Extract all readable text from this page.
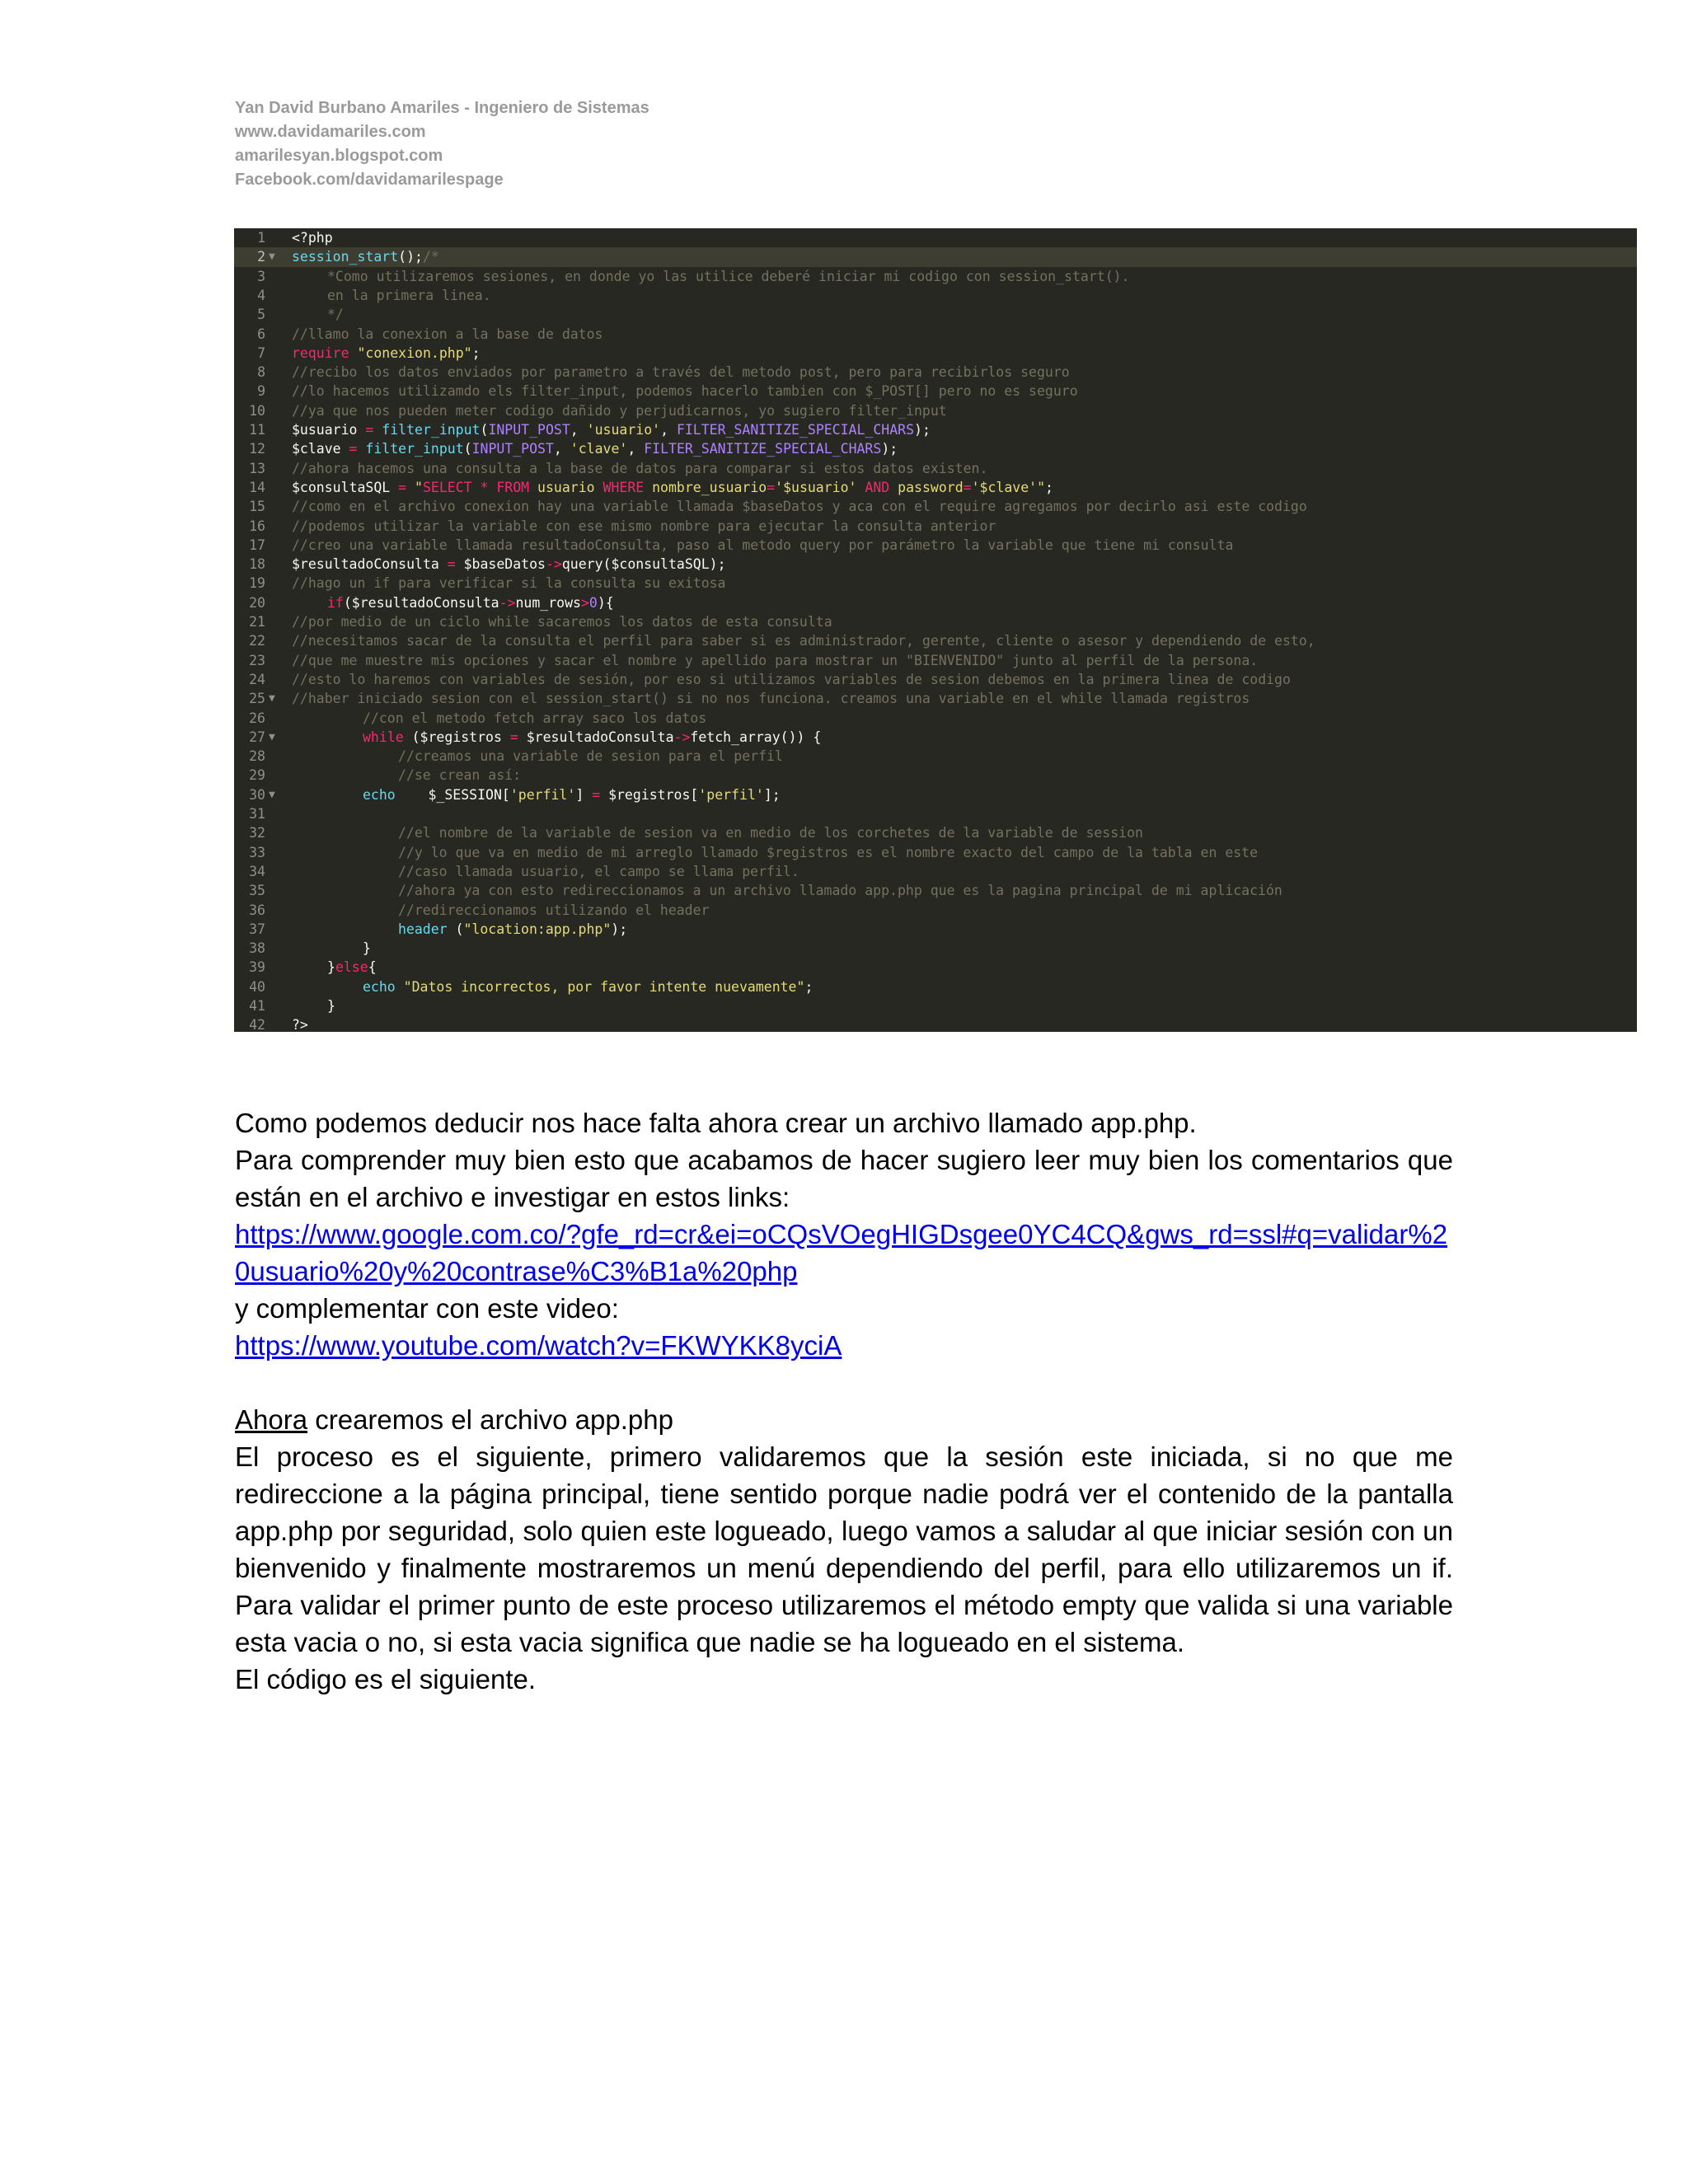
Yan David Burbano Amariles - Ingeniero de Sistemas
www.davidamariles.com
amarilesyan.blogspot.com
Facebook.com/davidamarilespage
1 <?php
2 ▼ session_start();/*
3	*Como utilizaremos sesiones, en donde yo las utilice deberé iniciar mi codigo con session_start().
4	en la primera linea.
5	*/
6 //llamo la conexion a la base de datos
7 require "conexion.php";
8 //recibo los datos enviados por parametro a través del metodo post, pero para recibirlos seguro
9 //lo hacemos utilizamdo els filter_input, podemos hacerlo tambien con $_POST[] pero no es seguro
10 //ya que nos pueden meter codigo dañido y perjudicarnos, yo sugiero filter_input
11 $usuario = filter_input(INPUT_POST, 'usuario', FILTER_SANITIZE_SPECIAL_CHARS);
12 $clave = filter_input(INPUT_POST, 'clave', FILTER_SANITIZE_SPECIAL_CHARS);
13 //ahora hacemos una consulta a la base de datos para comparar si estos datos existen.
14 $consultaSQL = "SELECT * FROM usuario WHERE nombre_usuario='$usuario' AND password='$clave'";
15 //como en el archivo conexion hay una variable llamada $baseDatos y aca con el require agregamos por decirlo asi este codigo
16 //podemos utilizar la variable con ese mismo nombre para ejecutar la consulta anterior
17 //creo una variable llamada resultadoConsulta, paso al metodo query por parámetro la variable que tiene mi consulta
18 $resultadoConsulta = $baseDatos->query($consultaSQL);
19 //hago un if para verificar si la consulta su exitosa
20	if($resultadoConsulta->num_rows>0){
21 //por medio de un ciclo while sacaremos los datos de esta consulta
22 //necesitamos sacar de la consulta el perfil para saber si es administrador, gerente, cliente o asesor y dependiendo de esto,
23 //que me muestre mis opciones y sacar el nombre y apellido para mostrar un "BIENVENIDO" junto al perfil de la persona.
24 //esto lo haremos con variables de sesión, por eso si utilizamos variables de sesion debemos en la primera linea de codigo
25 ▼ //haber iniciado sesion con el session_start() si no nos funciona. creamos una variable en el while llamada registros
26	//con el metodo fetch array saco los datos
27 ▼	while ($registros = $resultadoConsulta->fetch_array()) {
28	//creamos una variable de sesion para el perfil
29	//se crean así:
30 ▼	echo    $_SESSION['perfil'] = $registros['perfil'];
31
32	//el nombre de la variable de sesion va en medio de los corchetes de la variable de session
33	//y lo que va en medio de mi arreglo llamado $registros es el nombre exacto del campo de la tabla en este
34	//caso llamada usuario, el campo se llama perfil.
35	//ahora ya con esto redireccionamos a un archivo llamado app.php que es la pagina principal de mi aplicación
36	//redireccionamos utilizando el header
37	header ("location:app.php");
38	}
39	}else{
40	echo "Datos incorrectos, por favor intente nuevamente";
41	}
42 ?>

Como podemos deducir nos hace falta ahora crear un archivo llamado app.php.

Para comprender muy bien esto que acabamos de hacer sugiero leer muy bien los comentarios que están en el archivo e investigar en estos links:

https://www.google.com.co/?gfe_rd=cr&ei=oCQsVOegHIGDsgee0YC4CQ&gws_rd=ssl#q=validar%20usuario%20y%20contrase%C3%B1a%20php

y complementar con este video:

https://www.youtube.com/watch?v=FKWYKK8yciA

Ahora crearemos el archivo app.php

El proceso es el siguiente, primero validaremos que la sesión este iniciada, si no que me redireccione a la página principal, tiene sentido porque nadie podrá ver el contenido de la pantalla app.php por seguridad, solo quien este logueado, luego vamos a saludar al que iniciar sesión con un bienvenido y finalmente mostraremos un menú dependiendo del perfil, para ello utilizaremos un if. Para validar el primer punto de este proceso utilizaremos el método empty que valida si una variable esta vacia o no, si esta vacia significa que nadie se ha logueado en el sistema.

El código es el siguiente.
